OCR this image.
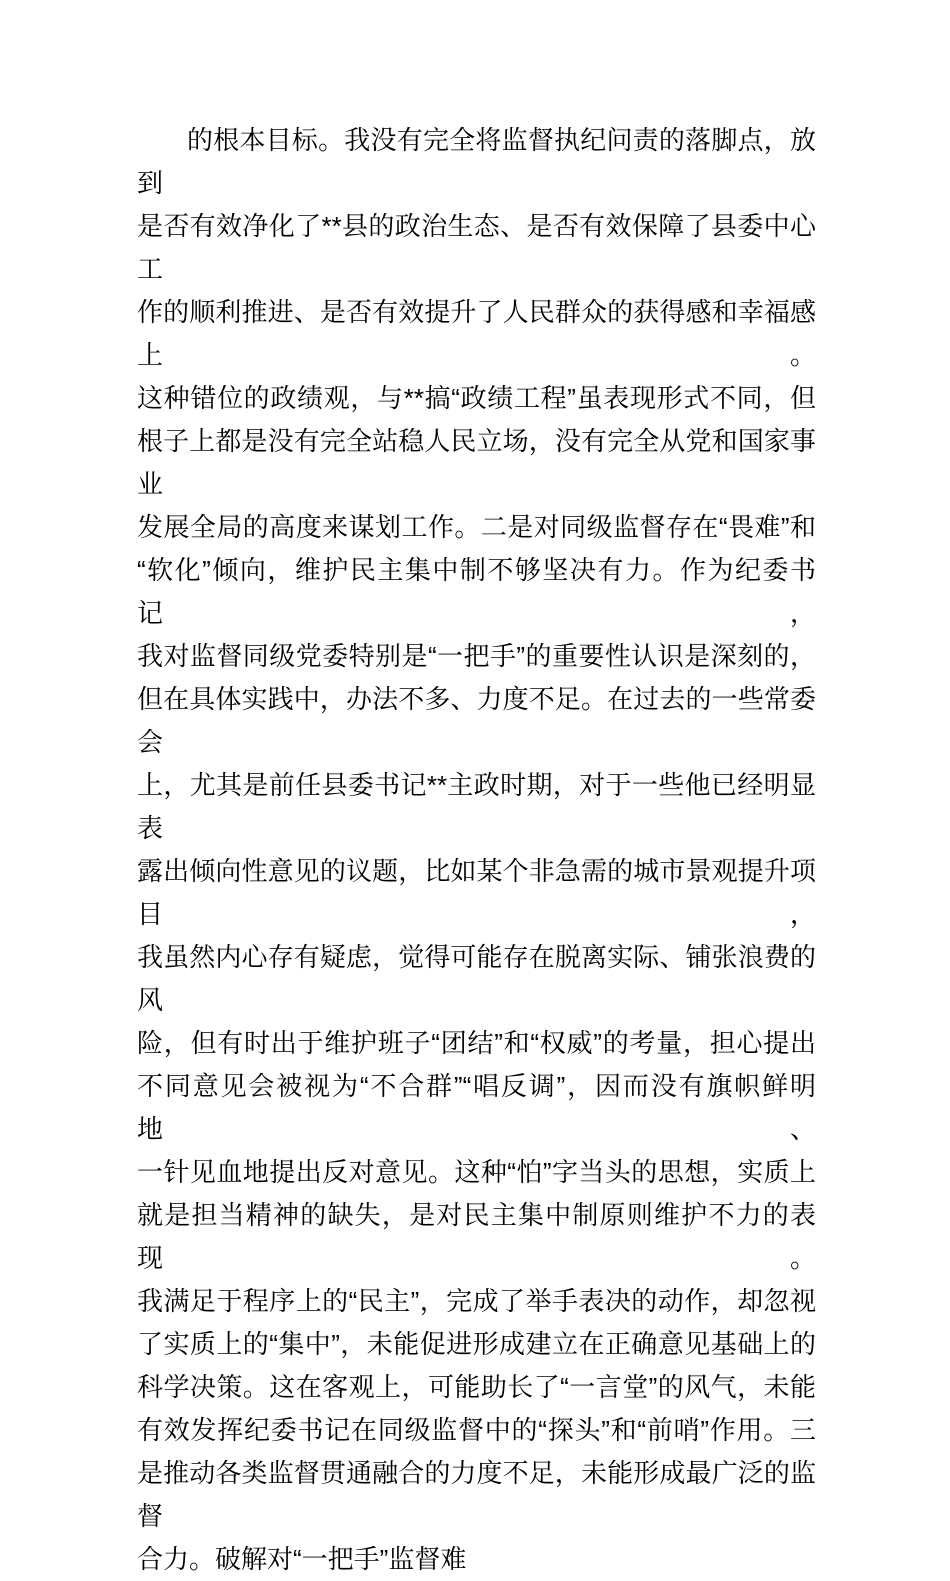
的根本目标。我没有完全将监督执纪问责的落脚点，放到
是否有效净化了**县的政治生态、是否有效保障了县委中心工
作的顺利推进、是否有效提升了人民群众的获得感和幸福感上。
这种错位的政绩观，与**搞“政绩工程”虽表现形式不同，但
根子上都是没有完全站稳人民立场，没有完全从党和国家事业
发展全局的高度来谋划工作。二是对同级监督存在“畏难”和
“软化”倾向，维护民主集中制不够坚决有力。作为纪委书记，
我对监督同级党委特别是“一把手”的重要性认识是深刻的，
但在具体实践中，办法不多、力度不足。在过去的一些常委会
上，尤其是前任县委书记**主政时期，对于一些他已经明显表
露出倾向性意见的议题，比如某个非急需的城市景观提升项目，
我虽然内心存有疑虑，觉得可能存在脱离实际、铺张浪费的风
险，但有时出于维护班子“团结”和“权威”的考量，担心提出
不同意见会被视为“不合群”“唱反调”，因而没有旗帜鲜明地、
一针见血地提出反对意见。这种“怕”字当头的思想，实质上
就是担当精神的缺失，是对民主集中制原则维护不力的表现。
我满足于程序上的“民主”，完成了举手表决的动作，却忽视
了实质上的“集中”，未能促进形成建立在正确意见基础上的
科学决策。这在客观上，可能助长了“一言堂”的风气，未能
有效发挥纪委书记在同级监督中的“探头”和“前哨”作用。三
是推动各类监督贯通融合的力度不足，未能形成最广泛的监督
合力。破解对“一把手”监督难
